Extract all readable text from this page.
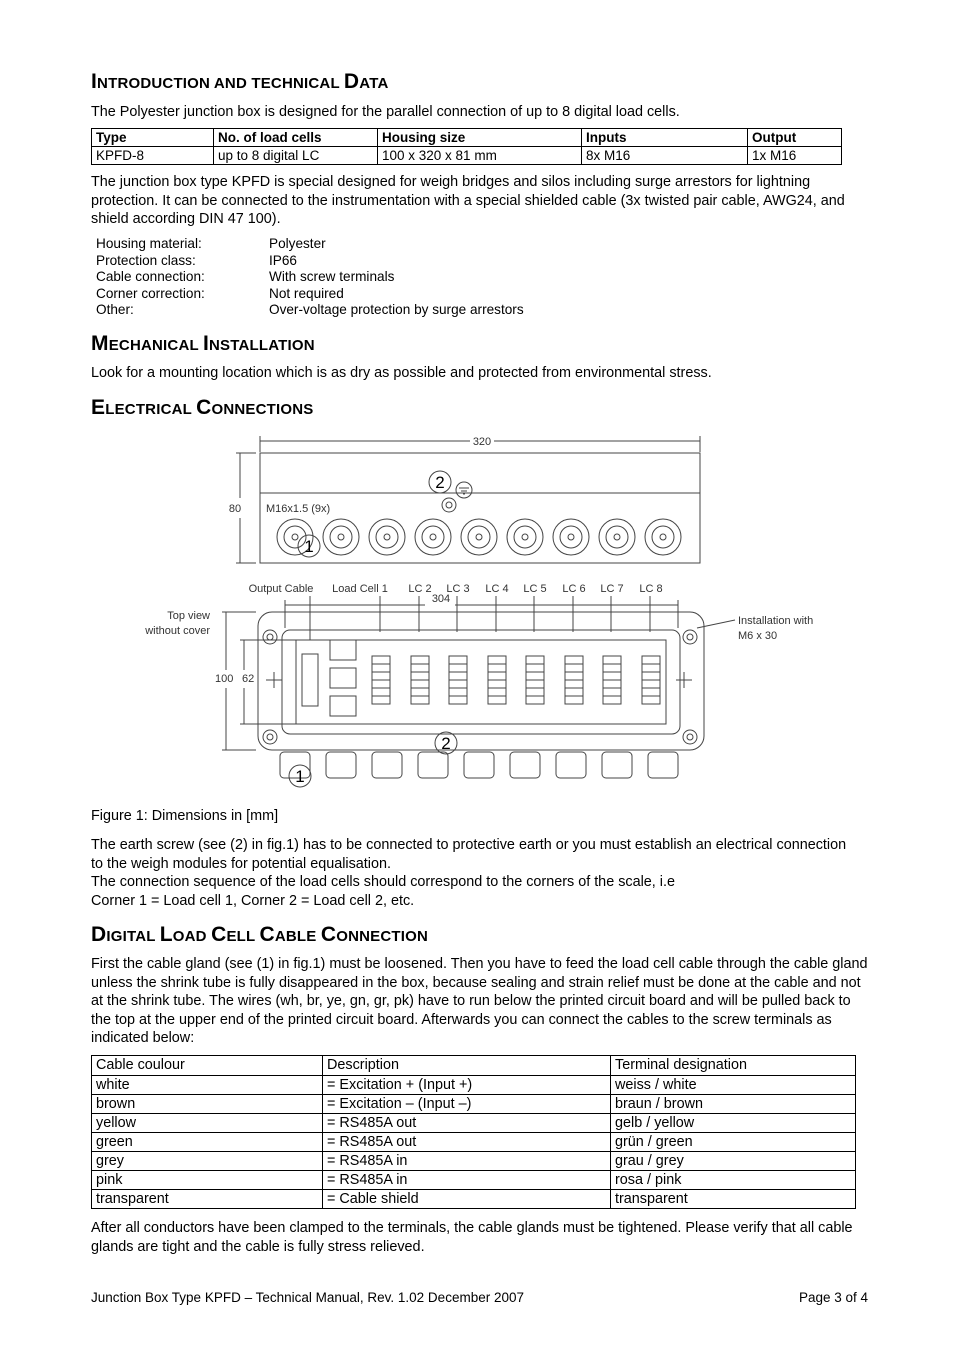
INTRODUCTION AND TECHNICAL DATA
The Polyester junction box is designed for the parallel connection of up to 8 digital load cells.
Type	No. of load cells	Housing size	Inputs	Output
KPFD-8	up to 8 digital LC	100 x 320 x 81 mm	8x M16	1x M16
The junction box type KPFD is special designed for weigh bridges and silos including surge arrestors for lightning protection. It can be connected to the instrumentation with a special shielded cable (3x twisted pair cable, AWG24, and shield according DIN 47 100).
Housing material:	Polyester
Protection class:	IP66
Cable connection:	With screw terminals
Corner correction:	Not required
Other:	Over-voltage protection by surge arrestors
MECHANICAL INSTALLATION
Look for a mounting location which is as dry as possible and protected from environmental stress.
ELECTRICAL CONNECTIONS
320
80 M16x1.5 (9x)
304
100 62
Output Cable Load Cell 1 LC 2 LC 3 LC 4 LC 5 LC 6 LC 7 LC 8
Top view
without cover
Installation with
M6 x 30
2
1
2
1
Figure 1: Dimensions in [mm]
The earth screw (see (2) in fig.1) has to be connected to protective earth or you must establish an electrical connection to the weigh modules for potential equalisation.
The connection sequence of the load cells should correspond to the corners of the scale, i.e
Corner 1 = Load cell 1, Corner 2 = Load cell 2, etc.
DIGITAL LOAD CELL CABLE CONNECTION
First the cable gland (see (1) in fig.1) must be loosened. Then you have to feed the load cell cable through the cable gland unless the shrink tube is fully disappeared in the box, because sealing and strain relief must be done at the cable and not at the shrink tube. The wires (wh, br, ye, gn, gr, pk) have to run below the printed circuit board and will be pulled back to the top at the upper end of the printed circuit board. Afterwards you can connect the cables to the screw terminals as indicated below:
Cable coulour	Description	Terminal designation
white	= Excitation + (Input +)	weiss / white
brown	= Excitation – (Input –)	braun / brown
yellow	= RS485A out	gelb / yellow
green	= RS485A out	grün / green
grey	= RS485A in	grau / grey
pink	= RS485A in	rosa / pink
transparent	= Cable shield	transparent
After all conductors have been clamped to the terminals, the cable glands must be tightened. Please verify that all cable glands are tight and the cable is fully stress relieved.
Junction Box Type KPFD – Technical Manual, Rev. 1.02 December 2007	Page 3 of 4
